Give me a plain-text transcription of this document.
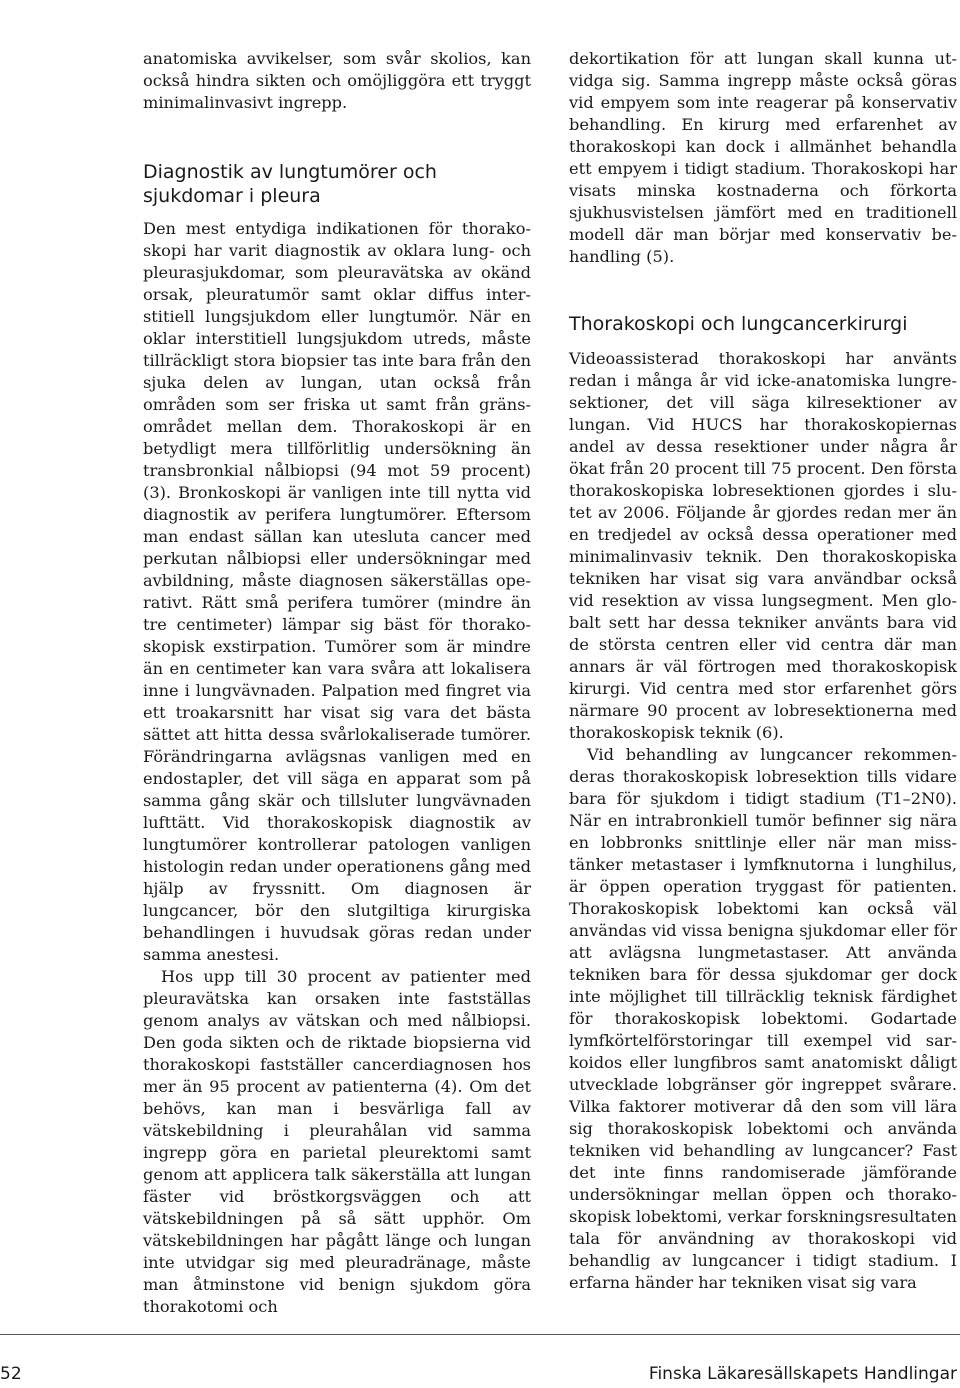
anatomiska avvikelser, som svår skolios, kan också hindra sikten och omöjliggöra ett tryggt minimalinvasivt ingrepp.

Diagnostik av lungtumörer och sjukdomar i pleura

Den mest entydiga indikationen för thorakoskopi har varit diagnostik av oklara lung- och pleurasjukdomar, som pleuravätska av okänd orsak, pleuratumör samt oklar diffus interstitiell lungsjukdom eller lungtumör. När en oklar interstitiell lungsjukdom utreds, måste tillräckligt stora biopsier tas inte bara från den sjuka delen av lungan, utan också från områden som ser friska ut samt från gränsområdet mellan dem. Thorakoskopi är en betydligt mera tillförlitlig undersökning än transbronkial nålbiopsi (94 mot 59 procent) (3). Bronkoskopi är vanligen inte till nytta vid diagnostik av perifera lungtumörer. Eftersom man endast sällan kan utesluta cancer med perkutan nålbiopsi eller undersökningar med avbildning, måste diagnosen säkerställas operativt. Rätt små perifera tumörer (mindre än tre centimeter) lämpar sig bäst för thorakoskopisk exstirpation. Tumörer som är mindre än en centimeter kan vara svåra att lokalisera inne i lungvävnaden. Palpation med fingret via ett troakarsnitt har visat sig vara det bästa sättet att hitta dessa svårlokaliserade tumörer. Förändringarna avlägsnas vanligen med en endostapler, det vill säga en apparat som på samma gång skär och tillsluter lungvävnaden lufttätt. Vid thorakoskopisk diagnostik av lungtumörer kontrollerar patologen vanligen histologin redan under operationens gång med hjälp av fryssnitt. Om diagnosen är lungcancer, bör den slutgiltiga kirurgiska behandlingen i huvudsak göras redan under samma anestesi.

Hos upp till 30 procent av patienter med pleuravätska kan orsaken inte fastställas genom analys av vätskan och med nålbiopsi. Den goda sikten och de riktade biopsierna vid thorakoskopi fastställer cancerdiagnosen hos mer än 95 procent av patienterna (4). Om det behövs, kan man i besvärliga fall av vätskebildning i pleurahålan vid samma ingrepp göra en parietal pleurektomi samt genom att applicera talk säkerställa att lungan fäster vid bröstkorgsväggen och att vätskebildningen på så sätt upphör. Om vätskebildningen har pågått länge och lungan inte utvidgar sig med pleuradränage, måste man åtminstone vid benign sjukdom göra thorakotomi och

dekortikation för att lungan skall kunna utvidga sig. Samma ingrepp måste också göras vid empyem som inte reagerar på konservativ behandling. En kirurg med erfarenhet av thorakoskopi kan dock i allmänhet behandla ett empyem i tidigt stadium. Thorakoskopi har visats minska kostnaderna och förkorta sjukhusvistelsen jämfört med en traditionell modell där man börjar med konservativ behandling (5).

Thorakoskopi och lungcancerkirurgi

Videoassisterad thorakoskopi har använts redan i många år vid icke-anatomiska lungresektioner, det vill säga kilresektioner av lungan. Vid HUCS har thorakoskopiernas andel av dessa resektioner under några år ökat från 20 procent till 75 procent. Den första thorakoskopiska lobresektionen gjordes i slutet av 2006. Följande år gjordes redan mer än en tredjedel av också dessa operationer med minimalinvasiv teknik. Den thorakoskopiska tekniken har visat sig vara användbar också vid resektion av vissa lungsegment. Men globalt sett har dessa tekniker använts bara vid de största centren eller vid centra där man annars är väl förtrogen med thorakoskopisk kirurgi. Vid centra med stor erfarenhet görs närmare 90 procent av lobresektionerna med thorakoskopisk teknik (6).

Vid behandling av lungcancer rekommenderas thorakoskopisk lobresektion tills vidare bara för sjukdom i tidigt stadium (T1–2N0). När en intrabronkiell tumör befinner sig nära en lobbronks snittlinje eller när man misstänker metastaser i lymfknutorna i lunghilus, är öppen operation tryggast för patienten. Thorakoskopisk lobektomi kan också väl användas vid vissa benigna sjukdomar eller för att avlägsna lungmetastaser. Att använda tekniken bara för dessa sjukdomar ger dock inte möjlighet till tillräcklig teknisk färdighet för thorakoskopisk lobektomi. Godartade lymfkörtelförstoringar till exempel vid sarkoidos eller lungfibros samt anatomiskt dåligt utvecklade lobgränser gör ingreppet svårare. Vilka faktorer motiverar då den som vill lära sig thorakoskopisk lobektomi och använda tekniken vid behandling av lungcancer? Fast det inte finns randomiserade jämförande undersökningar mellan öppen och thorakoskopisk lobektomi, verkar forskningsresultaten tala för användning av thorakoskopi vid behandlig av lungcancer i tidigt stadium. I erfarna händer har tekniken visat sig vara

52	Finska Läkaresällskapets Handlingar
